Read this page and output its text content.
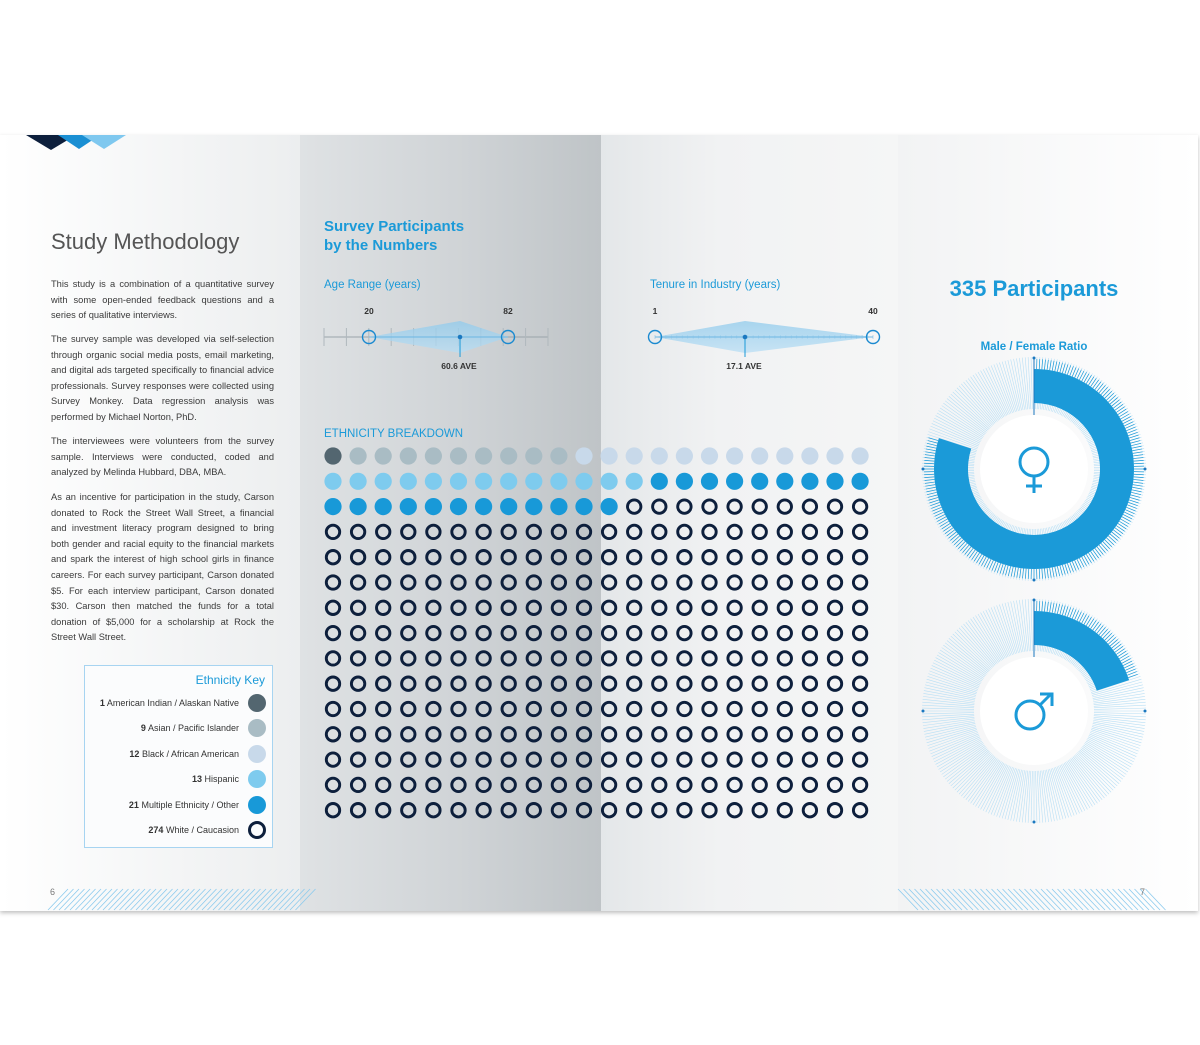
Survey Participants
by the Numbers
Age Range (years)
20	82
60.6 AVE
Tenure in Industry (years)
1	40
17.1 AVE
ETHNICITY BREAKDOWN
335 Participants
Male / Female Ratio
Study Methodology

This study is a combination of a quantitative survey with some open-ended feedback questions and a series of qualitative interviews.

The survey sample was developed via self-selection through organic social media posts, email marketing, and digital ads targeted specifically to financial advice professionals. Survey responses were collected using Survey Monkey. Data regression analysis was performed by Michael Norton, PhD.

The interviewees were volunteers from the survey sample. Interviews were conducted, coded and analyzed by Melinda Hubbard, DBA, MBA.

As an incentive for participation in the study, Carson donated to Rock the Street Wall Street, a financial and investment literacy program designed to bring both gender and racial equity to the financial markets and spark the interest of high school girls in finance careers. For each survey participant, Carson donated $5. For each interview participant, Carson donated $30. Carson then matched the funds for a total donation of $5,000 for a scholarship at Rock the Street Wall Street.

Ethnicity Key
1 American Indian / Alaskan Native
9 Asian / Pacific Islander
12 Black / African American
13 Hispanic
21 Multiple Ethnicity / Other
274 White / Caucasion
6	7
